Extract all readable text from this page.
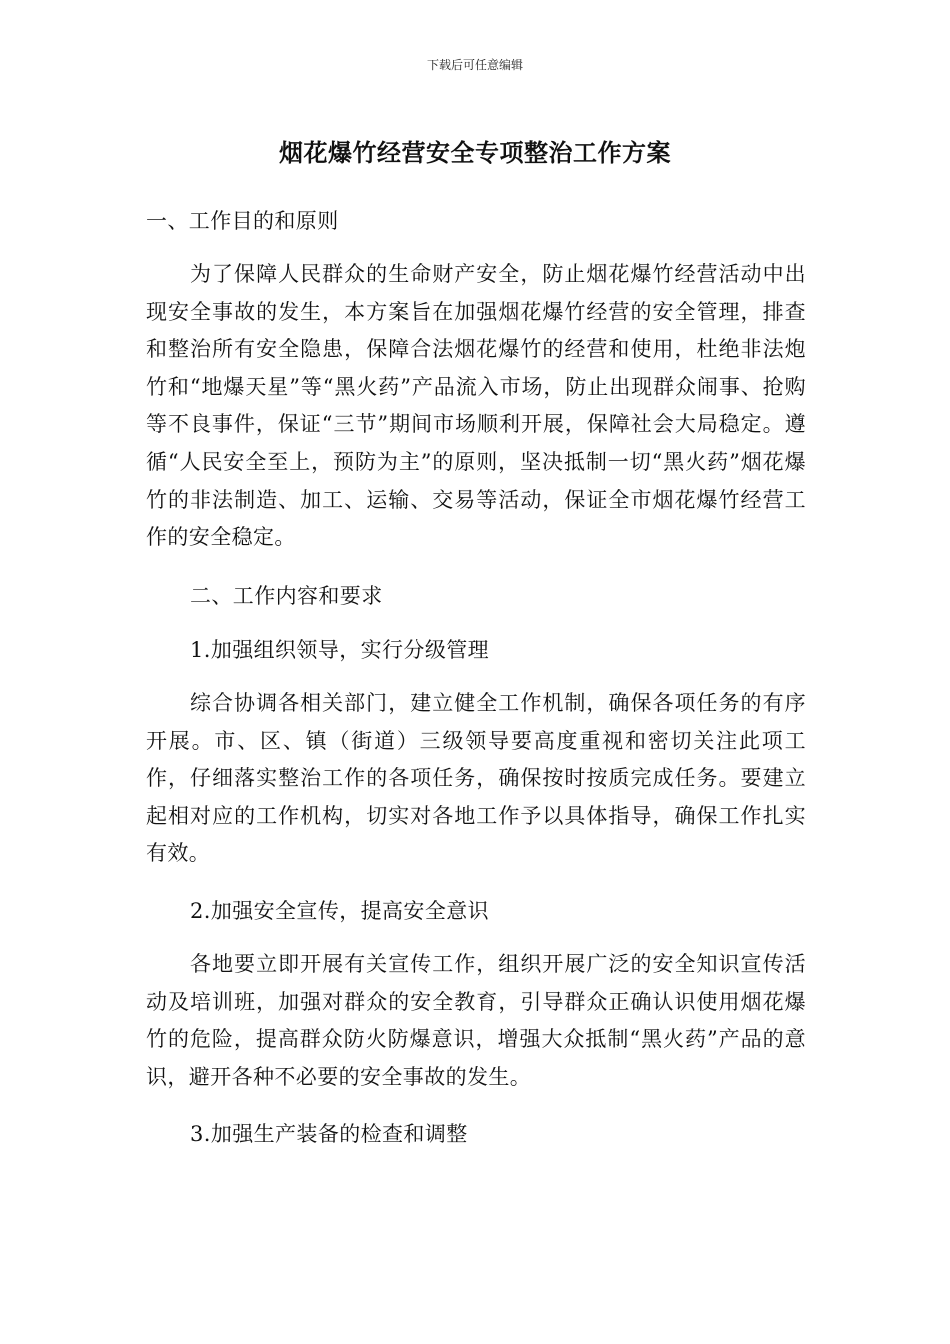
下载后可任意编辑
烟花爆竹经营安全专项整治工作方案
一、工作目的和原则
为了保障人民群众的生命财产安全，防止烟花爆竹经营活动中出现安全事故的发生，本方案旨在加强烟花爆竹经营的安全管理，排查和整治所有安全隐患，保障合法烟花爆竹的经营和使用，杜绝非法炮竹和“地爆天星”等“黑火药”产品流入市场，防止出现群众闹事、抢购等不良事件，保证“三节”期间市场顺利开展，保障社会大局稳定。遵循“人民安全至上，预防为主”的原则，坚决抵制一切“黑火药”烟花爆竹的非法制造、加工、运输、交易等活动，保证全市烟花爆竹经营工作的安全稳定。
二、工作内容和要求
1.加强组织领导，实行分级管理
综合协调各相关部门，建立健全工作机制，确保各项任务的有序开展。市、区、镇（街道）三级领导要高度重视和密切关注此项工作，仔细落实整治工作的各项任务，确保按时按质完成任务。要建立起相对应的工作机构，切实对各地工作予以具体指导，确保工作扎实有效。
2.加强安全宣传，提高安全意识
各地要立即开展有关宣传工作，组织开展广泛的安全知识宣传活动及培训班，加强对群众的安全教育，引导群众正确认识使用烟花爆竹的危险，提高群众防火防爆意识，增强大众抵制“黑火药”产品的意识，避开各种不必要的安全事故的发生。
3.加强生产装备的检查和调整
